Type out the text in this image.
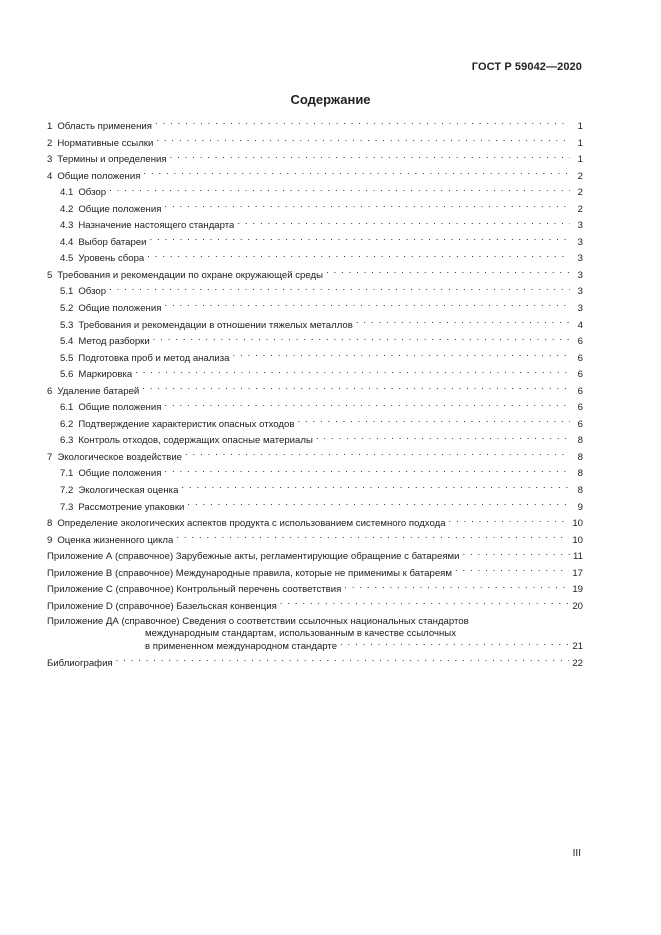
ГОСТ Р 59042—2020
Содержание
1 Область применения . . .	1
2 Нормативные ссылки . . .	1
3 Термины и определения . . .	1
4 Общие положения . . .	2
4.1 Обзор . . .	2
4.2 Общие положения . . .	2
4.3 Назначение настоящего стандарта . . .	3
4.4 Выбор батареи . . .	3
4.5 Уровень сбора . . .	3
5 Требования и рекомендации по охране окружающей среды . . .	3
5.1 Обзор . . .	3
5.2 Общие положения . . .	3
5.3 Требования и рекомендации в отношении тяжелых металлов . . .	4
5.4 Метод разборки . . .	6
5.5 Подготовка проб и метод анализа . . .	6
5.6 Маркировка . . .	6
6 Удаление батарей . . .	6
6.1 Общие положения . . .	6
6.2 Подтверждение характеристик опасных отходов . . .	6
6.3 Контроль отходов, содержащих опасные материалы . . .	8
7 Экологическое воздействие . . .	8
7.1 Общие положения . . .	8
7.2 Экологическая оценка . . .	8
7.3 Рассмотрение упаковки . . .	9
8 Определение экологических аспектов продукта с использованием системного подхода . . .	10
9 Оценка жизненного цикла . . .	10
Приложение А (справочное) Зарубежные акты, регламентирующие обращение с батареями . . .	11
Приложение В (справочное) Международные правила, которые не применимы к батареям . . .	17
Приложение С (справочное) Контрольный перечень соответствия . . .	19
Приложение D (справочное) Базельская конвенция . . .	20
Приложение ДА (справочное) Сведения о соответствии ссылочных национальных стандартов
международным стандартам, использованным в качестве ссылочных
в примененном международном стандарте . . .	21
Библиография . . .	22
III
